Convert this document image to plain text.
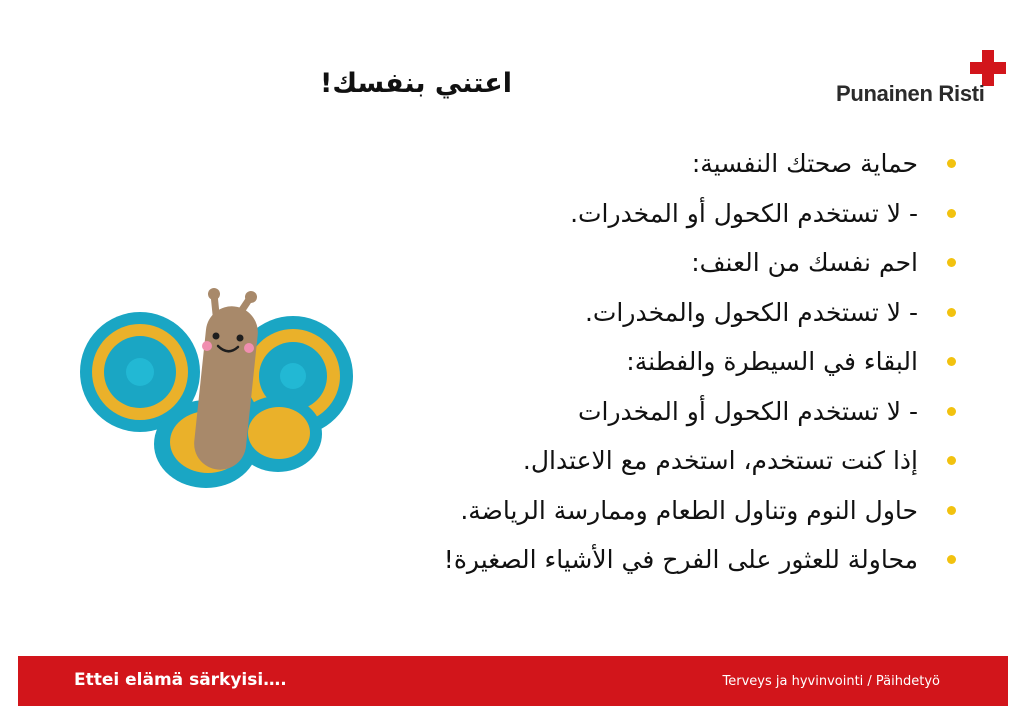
Punainen Risti
اعتني بنفسك!
حماية صحتك النفسية:
- لا تستخدم الكحول أو المخدرات.
احم نفسك من العنف:
- لا تستخدم الكحول والمخدرات.
البقاء في السيطرة والفطنة:
- لا تستخدم الكحول أو المخدرات
إذا كنت تستخدم، استخدم مع الاعتدال.
حاول النوم وتناول الطعام وممارسة الرياضة.
محاولة للعثور على الفرح في الأشياء الصغيرة!
Ettei elämä särkyisi….	Terveys ja hyvinvointi / Päihdetyö
